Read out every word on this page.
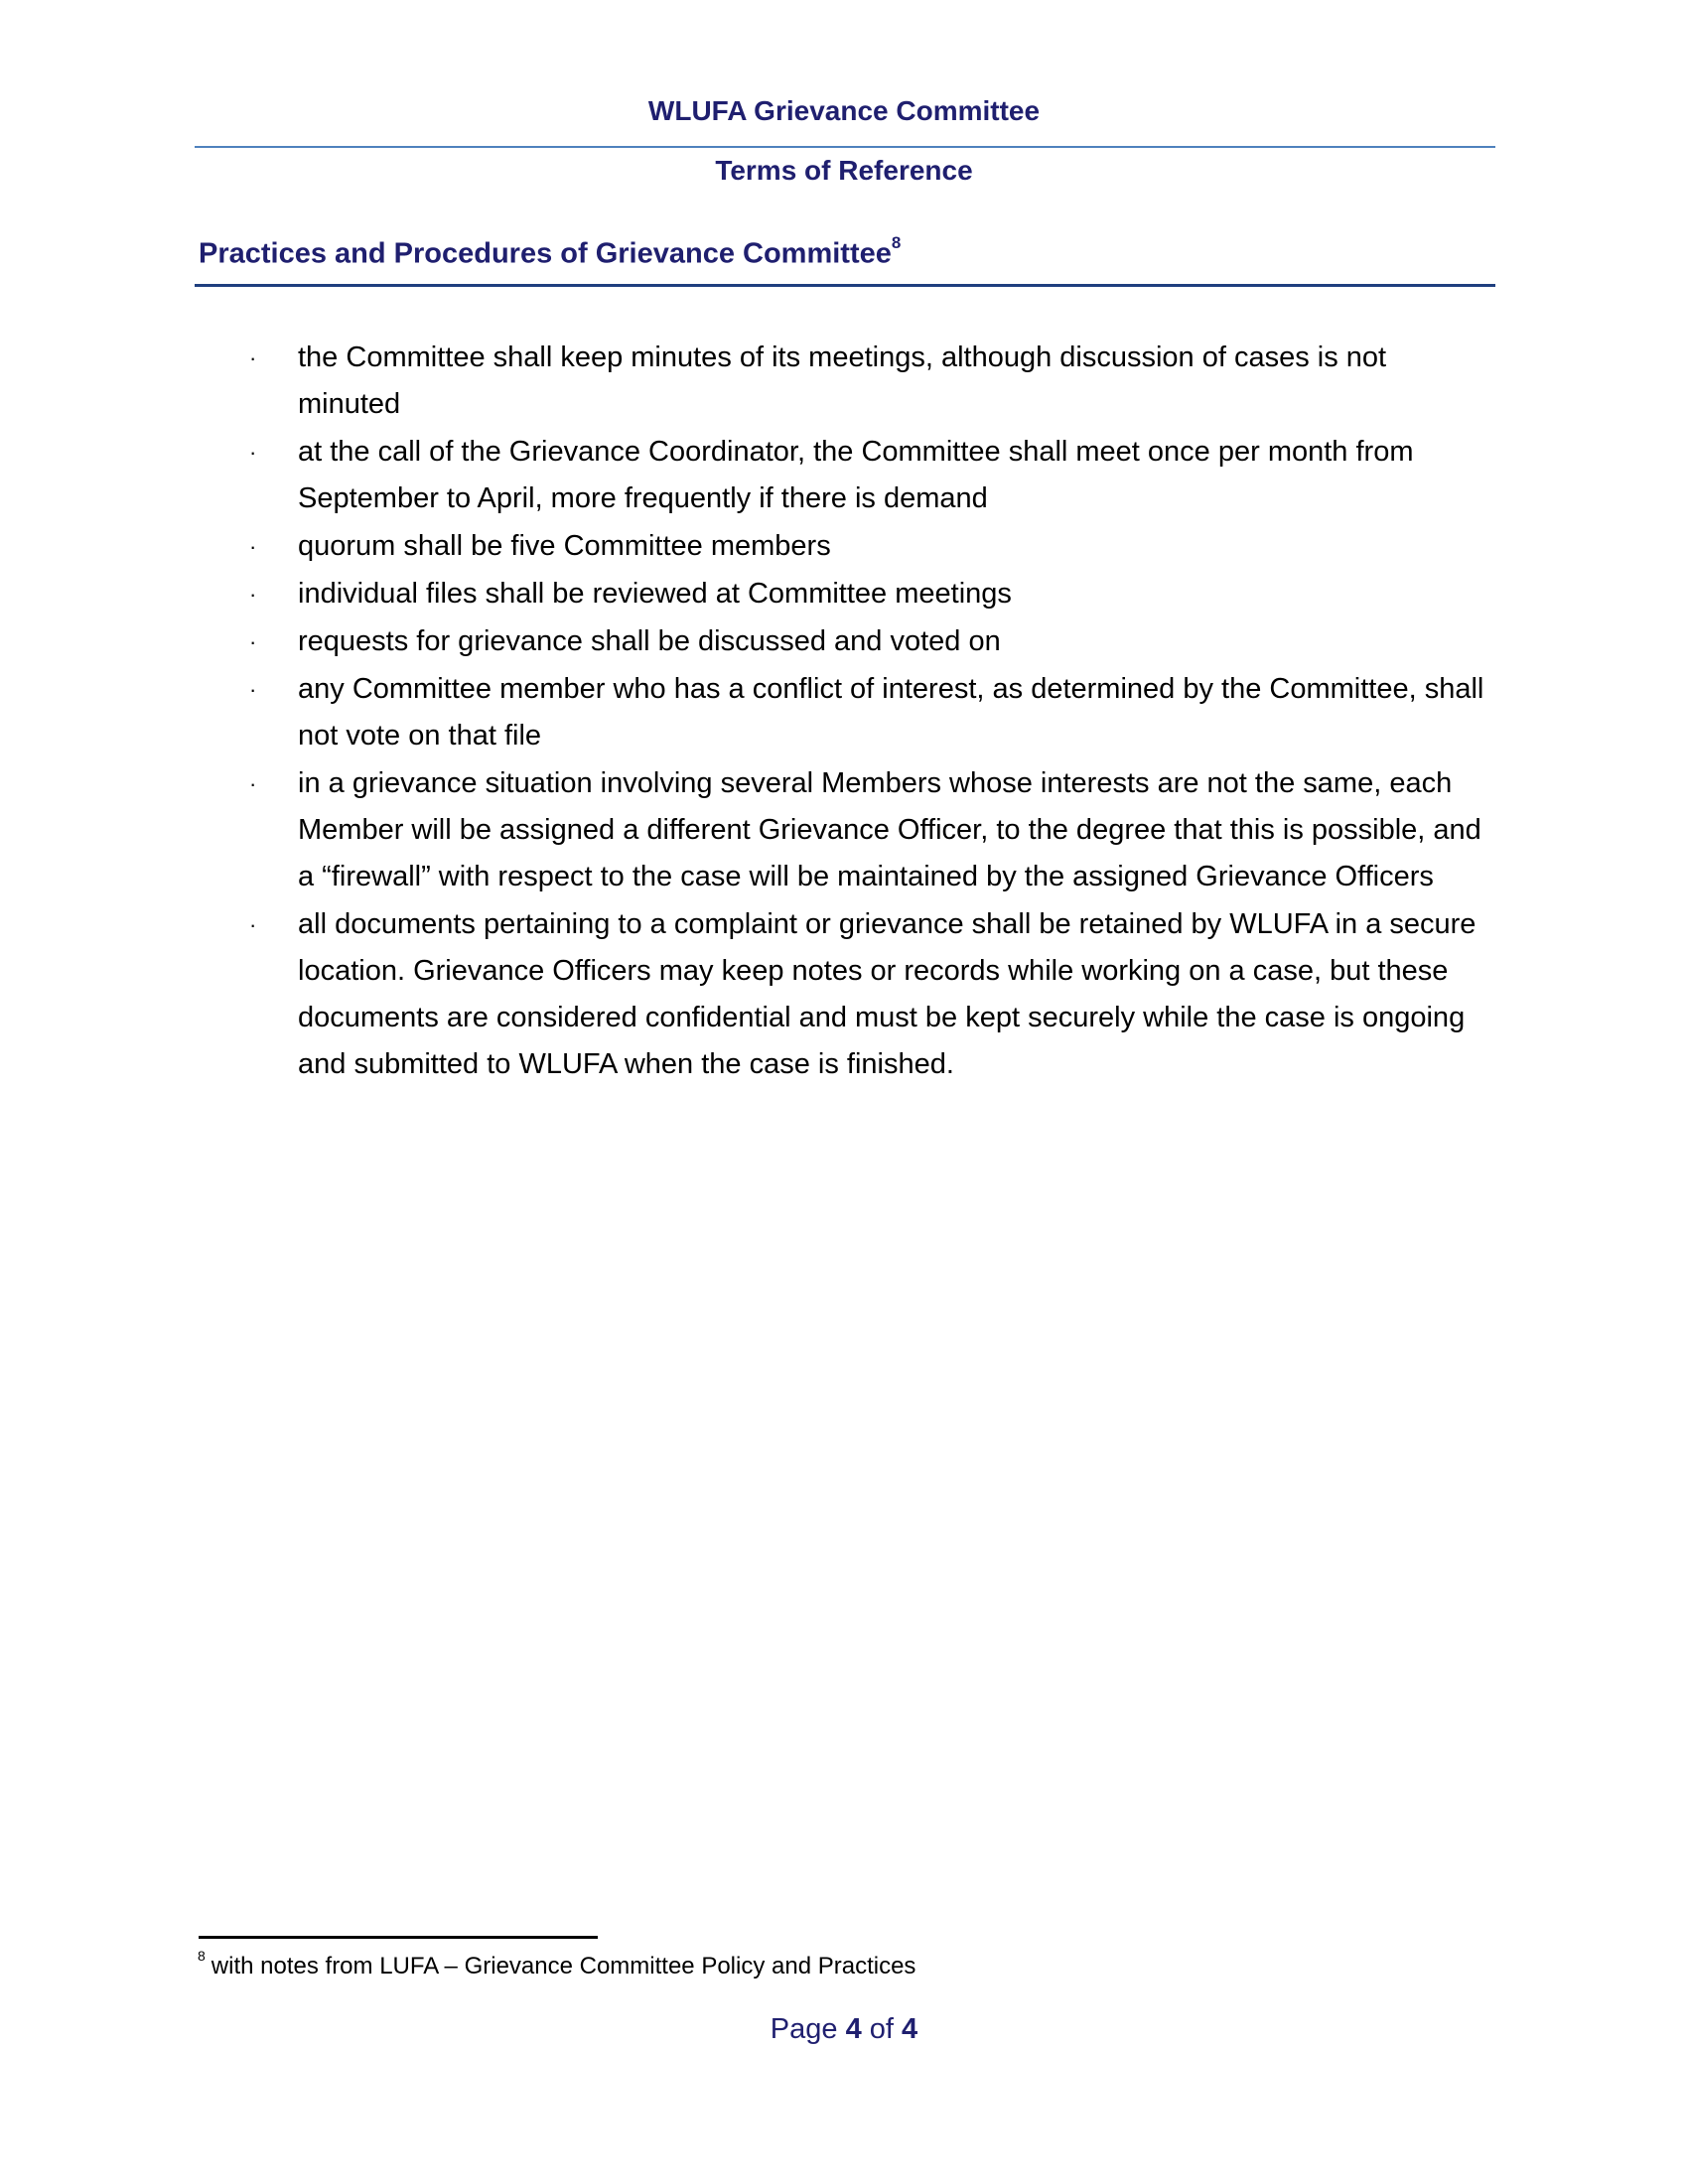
WLUFA Grievance Committee
Terms of Reference
Practices and Procedures of Grievance Committee$^8$
·	the Committee shall keep minutes of its meetings, although discussion of cases is not minuted
·	at the call of the Grievance Coordinator, the Committee shall meet once per month from September to April, more frequently if there is demand
·	quorum shall be five Committee members
·	individual files shall be reviewed at Committee meetings
·	requests for grievance shall be discussed and voted on
·	any Committee member who has a conflict of interest, as determined by the Committee, shall not vote on that file
·	in a grievance situation involving several Members whose interests are not the same, each Member will be assigned a different Grievance Officer, to the degree that this is possible, and a “firewall” with respect to the case will be maintained by the assigned Grievance Officers
·	all documents pertaining to a complaint or grievance shall be retained by WLUFA in a secure location. Grievance Officers may keep notes or records while working on a case, but these documents are considered confidential and must be kept securely while the case is ongoing and submitted to WLUFA when the case is finished.
$^8$ with notes from LUFA – Grievance Committee Policy and Practices
Page 4 of 4
